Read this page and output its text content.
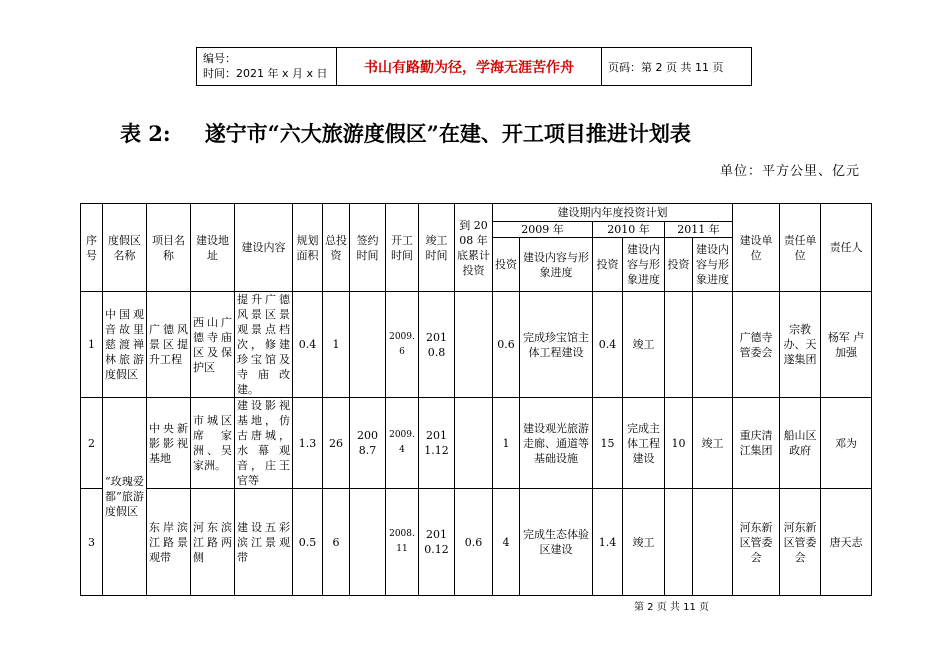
编号：
时间：2021 年 x 月 x 日	书山有路勤为径，学海无涯苦作舟	页码：第 2 页 共 11 页
表 2: 遂宁市“六大旅游度假区”在建、开工项目推进计划表
单位：平方公里、亿元
序号	度假区名称	项目名称	建设地址	建设内容	规划面积	总投资	签约时间	开工时间	竣工时间	到 2008 年底累计投资	建设期内年度投资计划						建设单位	责任单位	责任人
											2009 年		2010 年		2011 年				
											投资	建设内容与形象进度	投资	建设内容与形象进度	投资	建设内容与形象进度			
1	中国观音故里慈渡禅林旅游度假区	广德风景区提升工程	西山广德寺庙区及保护区	提升广德风景区景观景点档次，修建珍宝馆及寺庙改建。	0.4	1		2009.6	2010.8		0.6	完成珍宝馆主体工程建设	0.4	竣工			广德寺管委会	宗教办、天遂集团	杨军 卢加强
2	“玫瑰爱都”旅游度假区	中央新影影视基地	市城区席家洲、吴家洲。	建设影视基地，仿古唐城，水幕观音，庄王官等	1.3	26	2008.7	2009.4	2011.12		1	建设观光旅游走廊、通道等基础设施	15	完成主体工程建设	10	竣工	重庆清江集团	船山区政府	邓为
3		东岸滨江路景观带	河东滨江路两侧	建设五彩滨江景观带	0.5	6		2008. 11	2010.12	0.6	4	完成生态体验区建设	1.4	竣工			河东新区管委会	河东新区管委会	唐天志
第 2 页 共 11 页
